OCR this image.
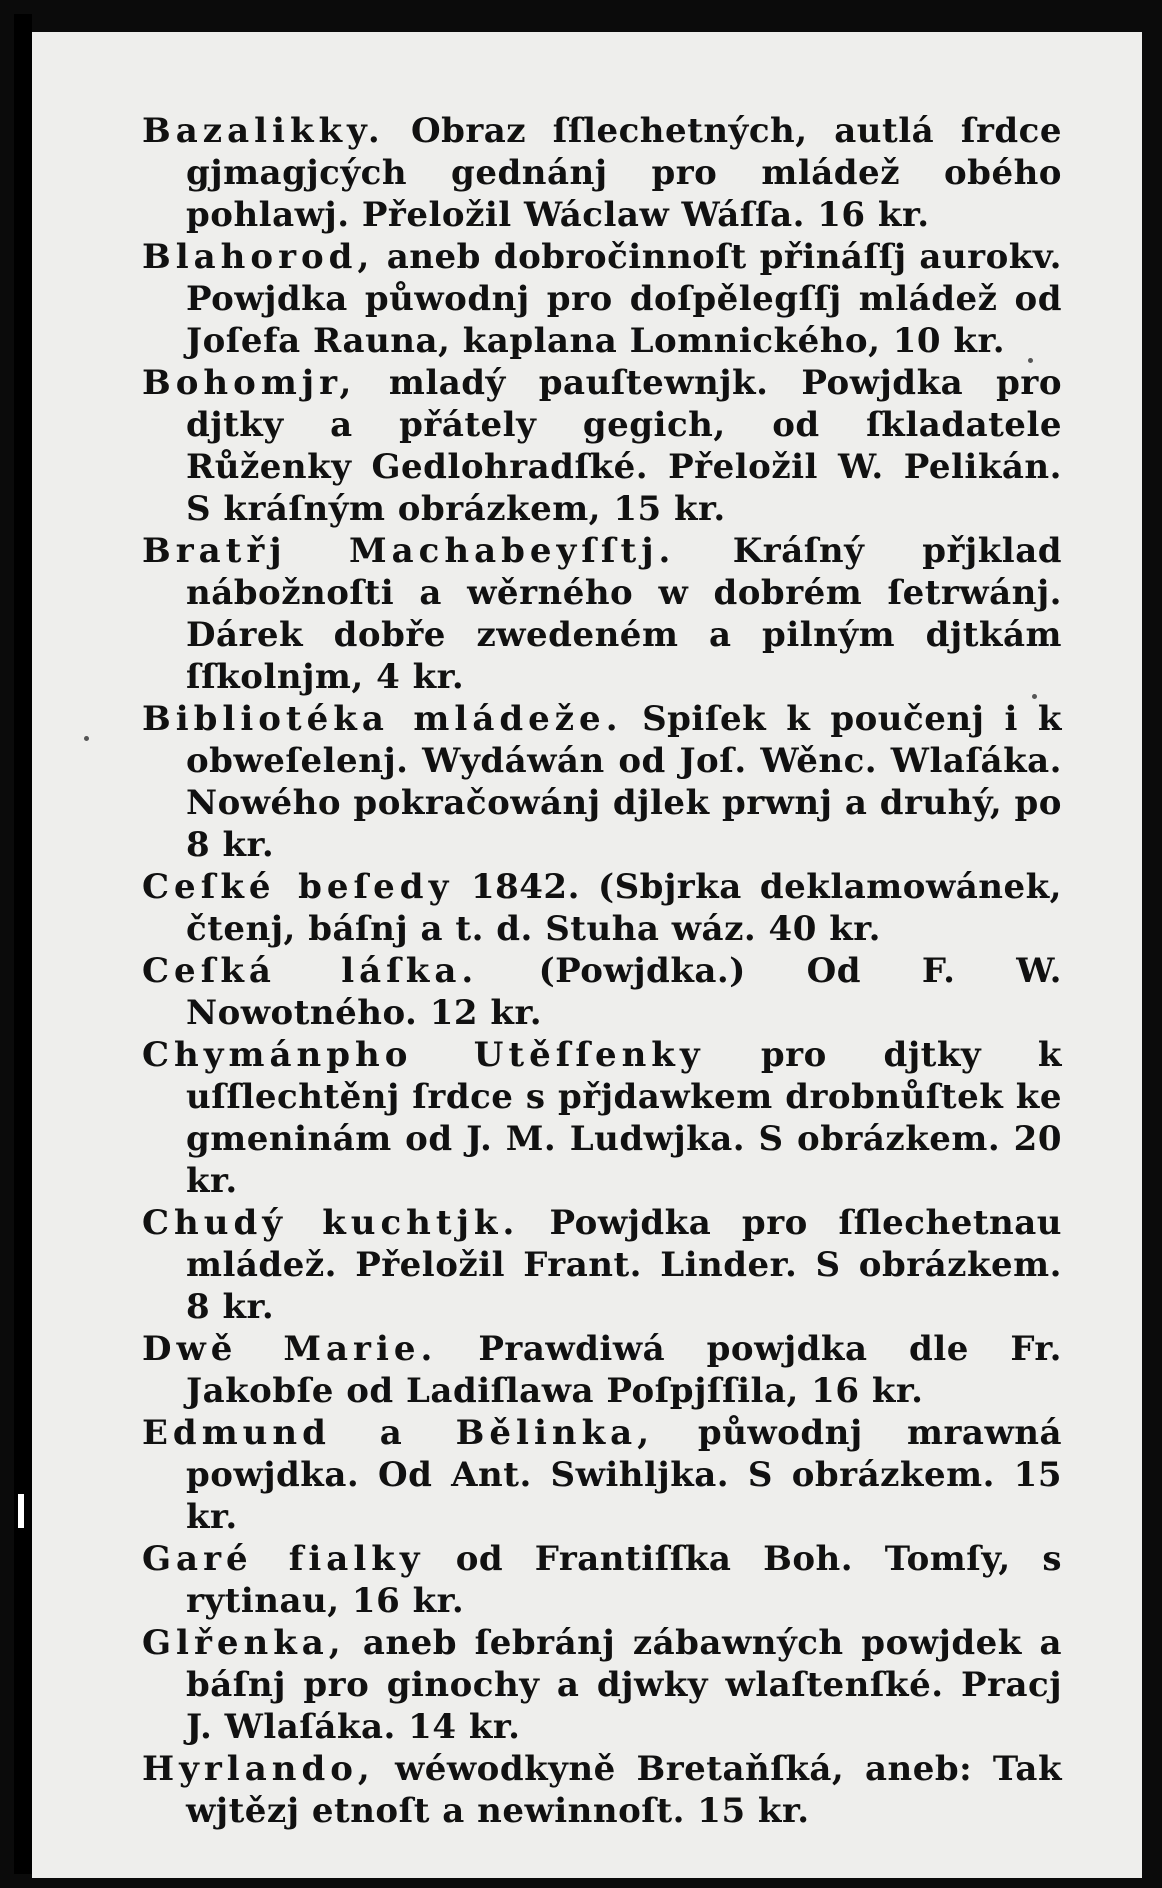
Bazalikky. Obraz ſſlechetných, autlá ſrdce gjmagjcých gednánj pro mládež obého pohlawj. Přeložil Wáclaw Wáſſa. 16 kr.

Blahorod, aneb dobročinnoſt přináſſj aurokv. Powjdka půwodnj pro doſpělegſſj mládež od Joſefa Rauna, kaplana Lomnického, 10 kr.

Bohomjr, mladý pauſtewnjk. Powjdka pro djtky a přátely gegich, od ſkladatele Růženky Gedlohradſké. Přeložil W. Pelikán. S kráſným obrázkem, 15 kr.

Bratřj Machabeyſſtj. Kráſný přjklad nábožnoſti a wěrného w dobrém ſetrwánj. Dárek dobře zwedeném a pilným djtkám ſſkolnjm, 4 kr.

Bibliotéka mládeže. Spiſek k poučenj i k obweſelenj. Wydáwán od Joſ. Wěnc. Wlaſáka. Nowého pokračowánj djlek prwnj a druhý, po 8 kr.

Ceſké beſedy 1842. (Sbjrka deklamowánek, čtenj, báſnj a t. d. Stuha wáz. 40 kr.

Ceſká láſka. (Powjdka.) Od F. W. Nowotného. 12 kr.

Chymánpho Utěſſenky pro djtky k uſſlechtěnj ſrdce s přjdawkem drobnůſtek ke gmeninám od J. M. Ludwjka. S obrázkem. 20 kr.

Chudý kuchtjk. Powjdka pro ſſlechetnau mládež. Přeložil Frant. Linder. S obrázkem. 8 kr.

Dwě Marie. Prawdiwá powjdka dle Fr. Jakobſe od Ladiſlawa Poſpjſſila, 16 kr.

Edmund a Bělinka, půwodnj mrawná powjdka. Od Ant. Swihljka. S obrázkem. 15 kr.

Garé fialky od Frantiſſka Boh. Tomſy, s rytinau, 16 kr.

Glřenka, aneb ſebránj zábawných powjdek a báſnj pro ginochy a djwky wlaſtenſké. Pracj J. Wlaſáka. 14 kr.

Hyrlando, wéwodkyně Bretaňſká, aneb: Tak wjtězj etnoſt a newinnoſt. 15 kr.
